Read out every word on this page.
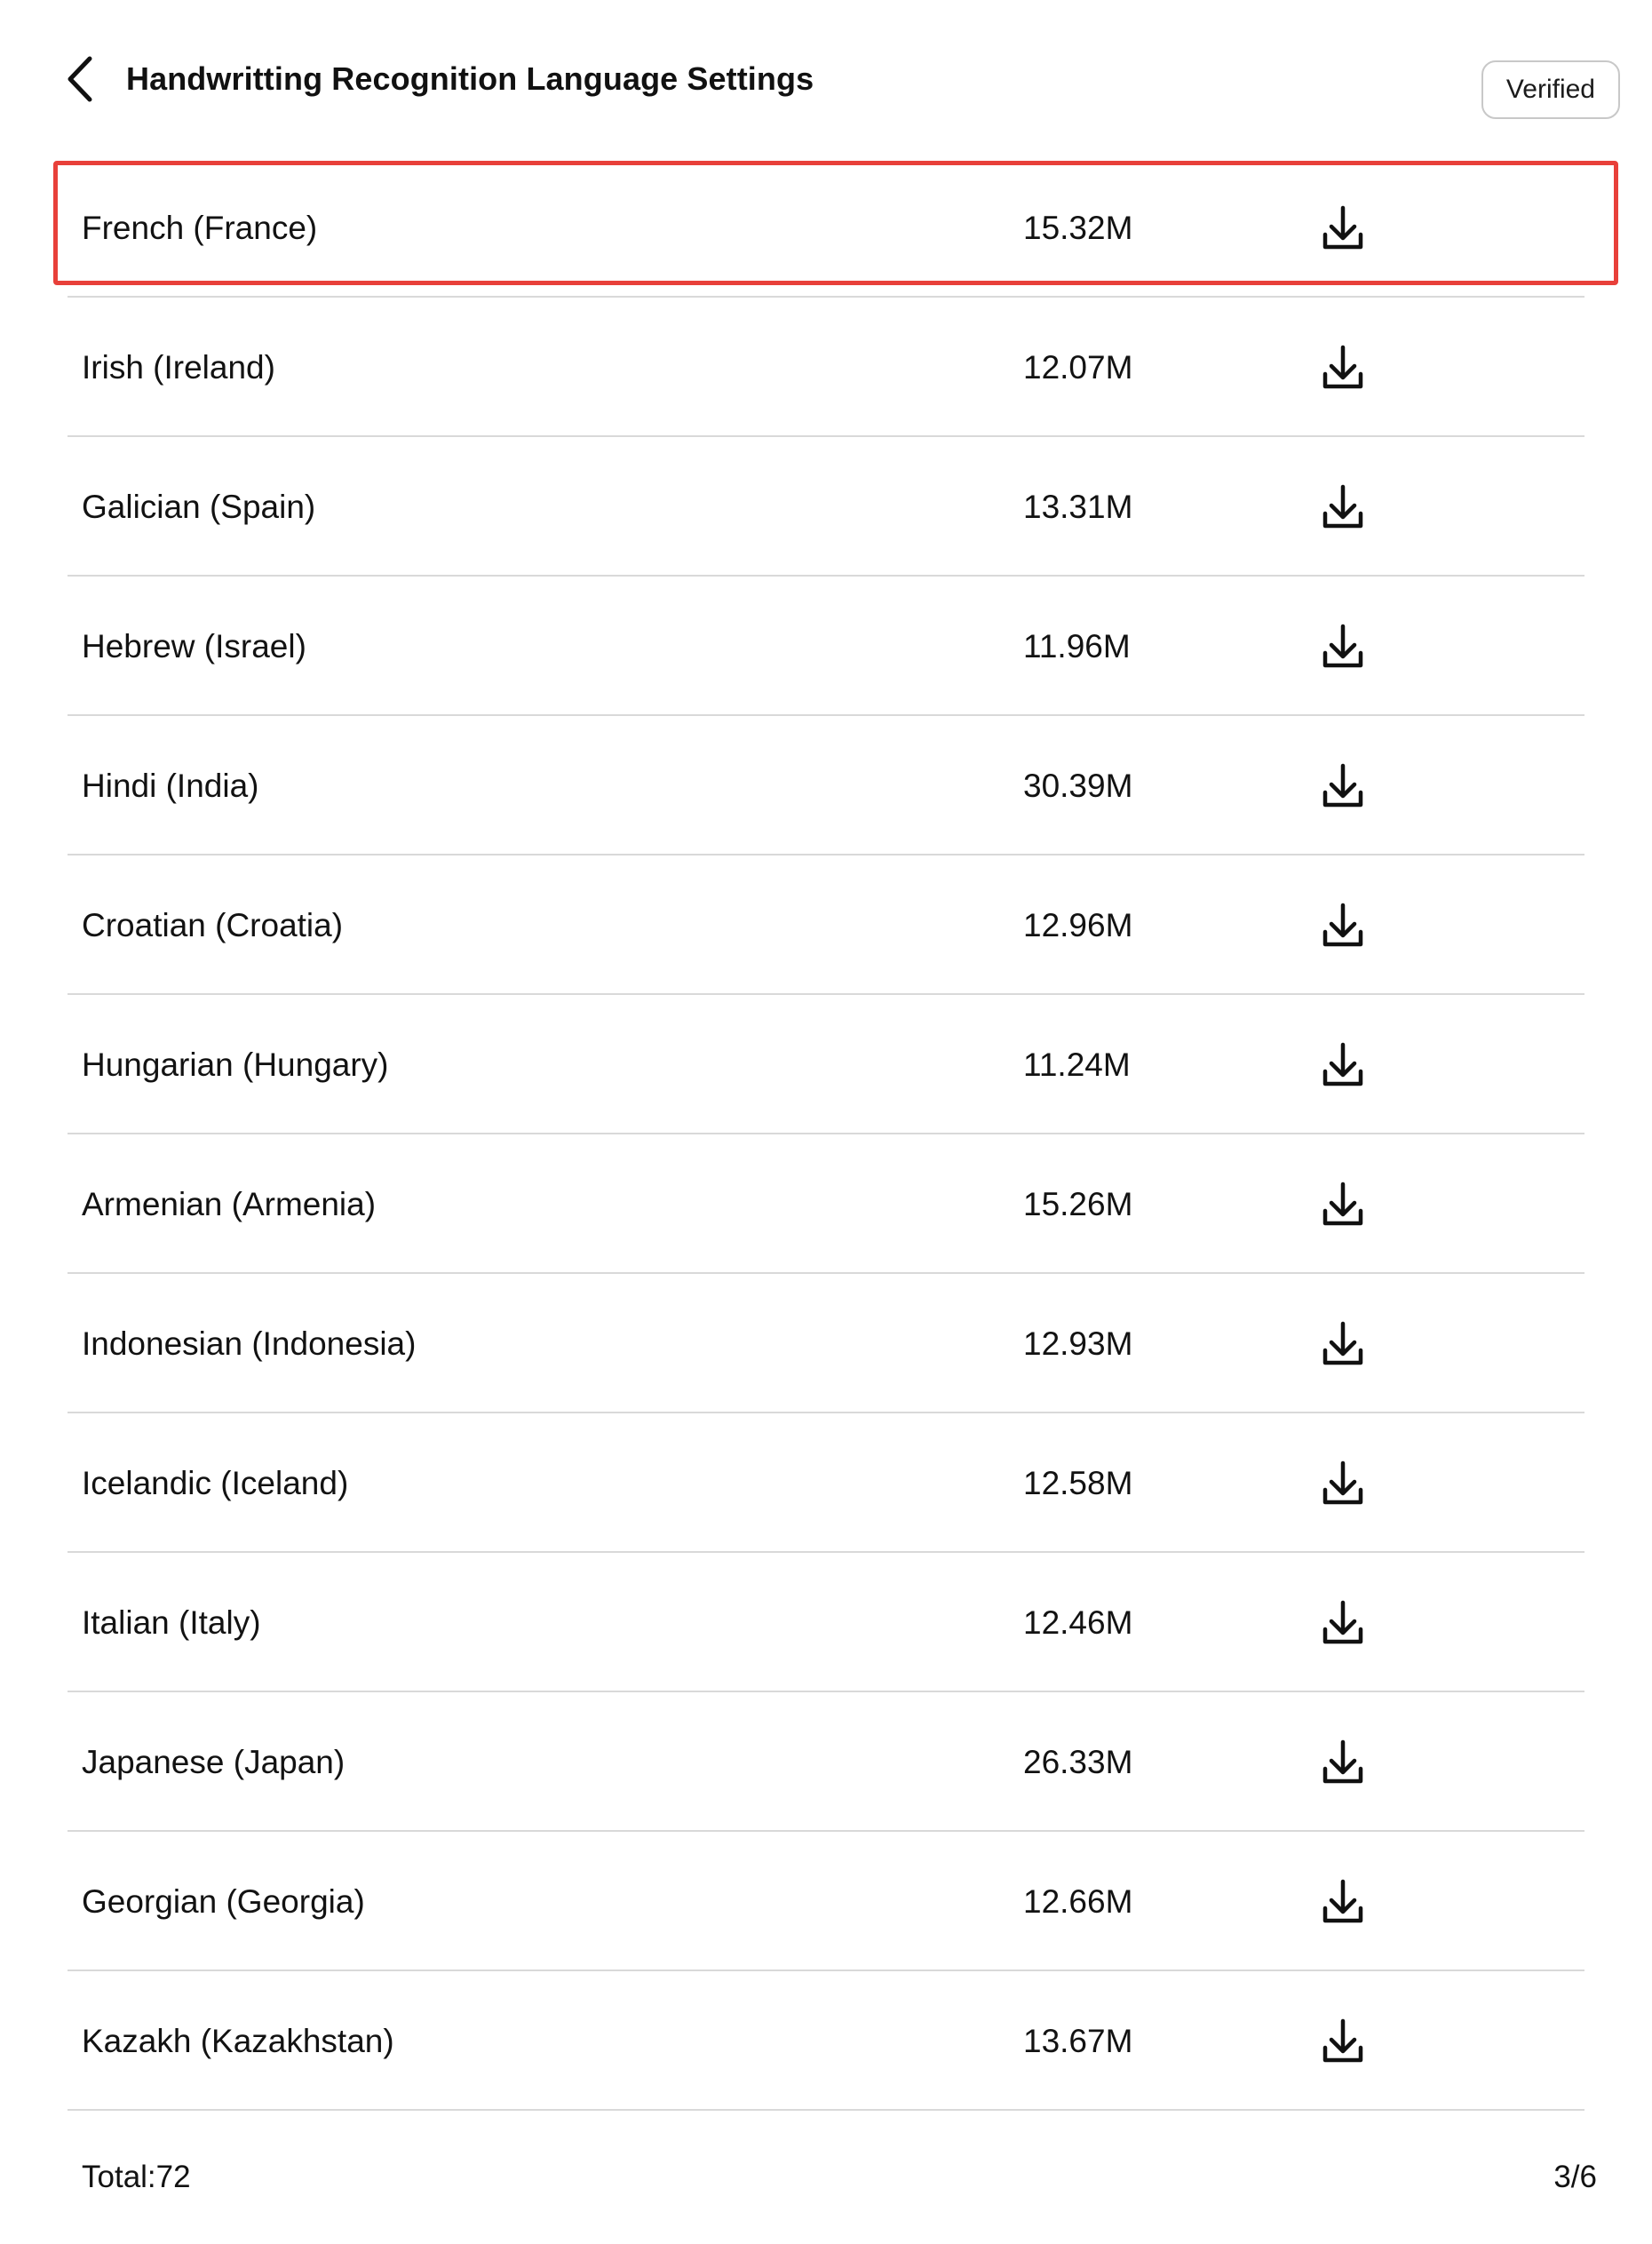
Handwritting Recognition Language Settings	Verified
French (France)	15.32M
Irish (Ireland)	12.07M
Galician (Spain)	13.31M
Hebrew (Israel)	11.96M
Hindi (India)	30.39M
Croatian (Croatia)	12.96M
Hungarian (Hungary)	11.24M
Armenian (Armenia)	15.26M
Indonesian (Indonesia)	12.93M
Icelandic (Iceland)	12.58M
Italian (Italy)	12.46M
Japanese (Japan)	26.33M
Georgian (Georgia)	12.66M
Kazakh (Kazakhstan)	13.67M
Total:72	3/6
